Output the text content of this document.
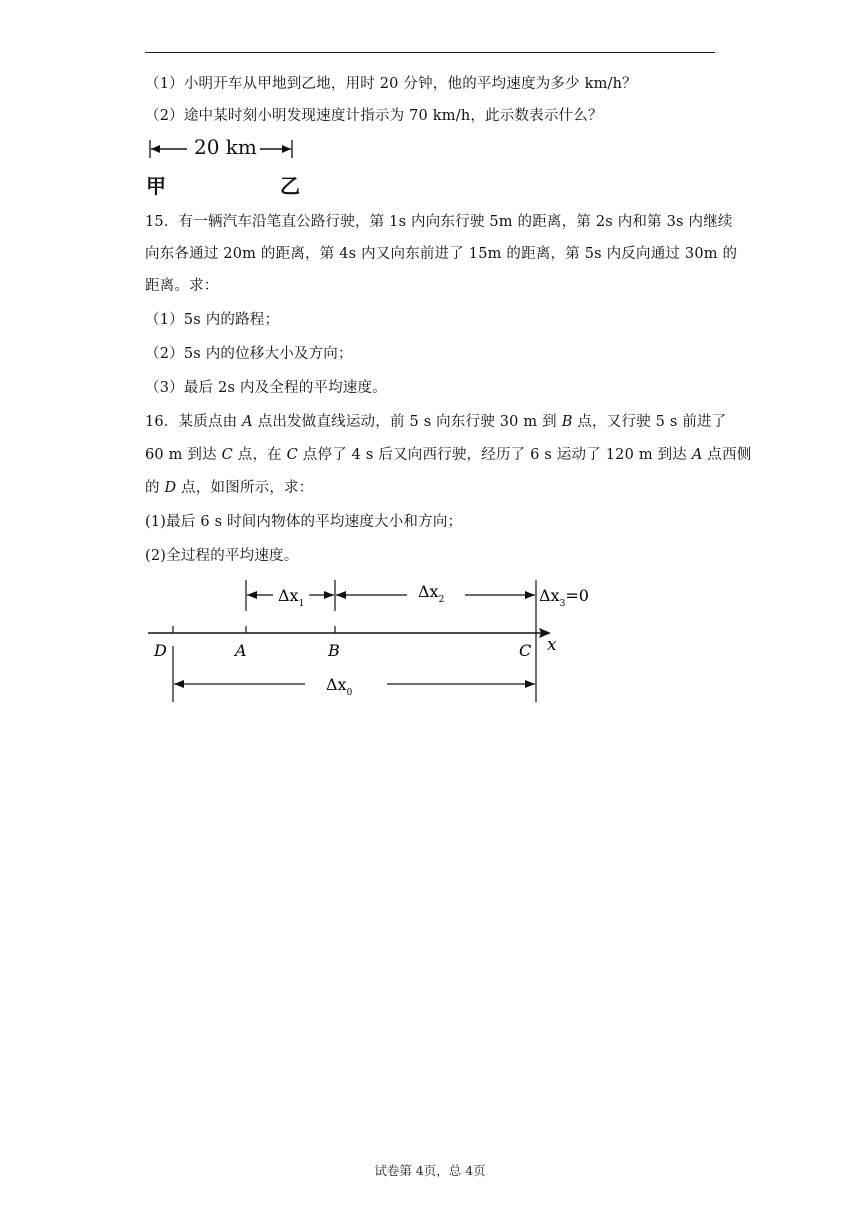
（1）小明开车从甲地到乙地，用时 20 分钟，他的平均速度为多少 km/h？
（2）途中某时刻小明发现速度计指示为 70 km/h，此示数表示什么？
20 km
甲	乙
15．有一辆汽车沿笔直公路行驶，第 1s 内向东行驶 5m 的距离，第 2s 内和第 3s 内继续
向东各通过 20m 的距离，第 4s 内又向东前进了 15m 的距离，第 5s 内反向通过 30m 的
距离。求：
（1）5s 内的路程；
（2）5s 内的位移大小及方向；
（3）最后 2s 内及全程的平均速度。
16．某质点由 A 点出发做直线运动，前 5 s 向东行驶 30 m 到 B 点，又行驶 5 s 前进了
60 m 到达 C 点，在 C 点停了 4 s 后又向西行驶，经历了 6 s 运动了 120 m 到达 A 点西侧
的 D 点，如图所示，求：
(1)最后 6 s 时间内物体的平均速度大小和方向；
(2)全过程的平均速度。
x
D	A	B	C
$\Delta x_1$
$\Delta x_2$	$\Delta x_3=0$
$\Delta x_0$
试卷第 4页，总 4页
